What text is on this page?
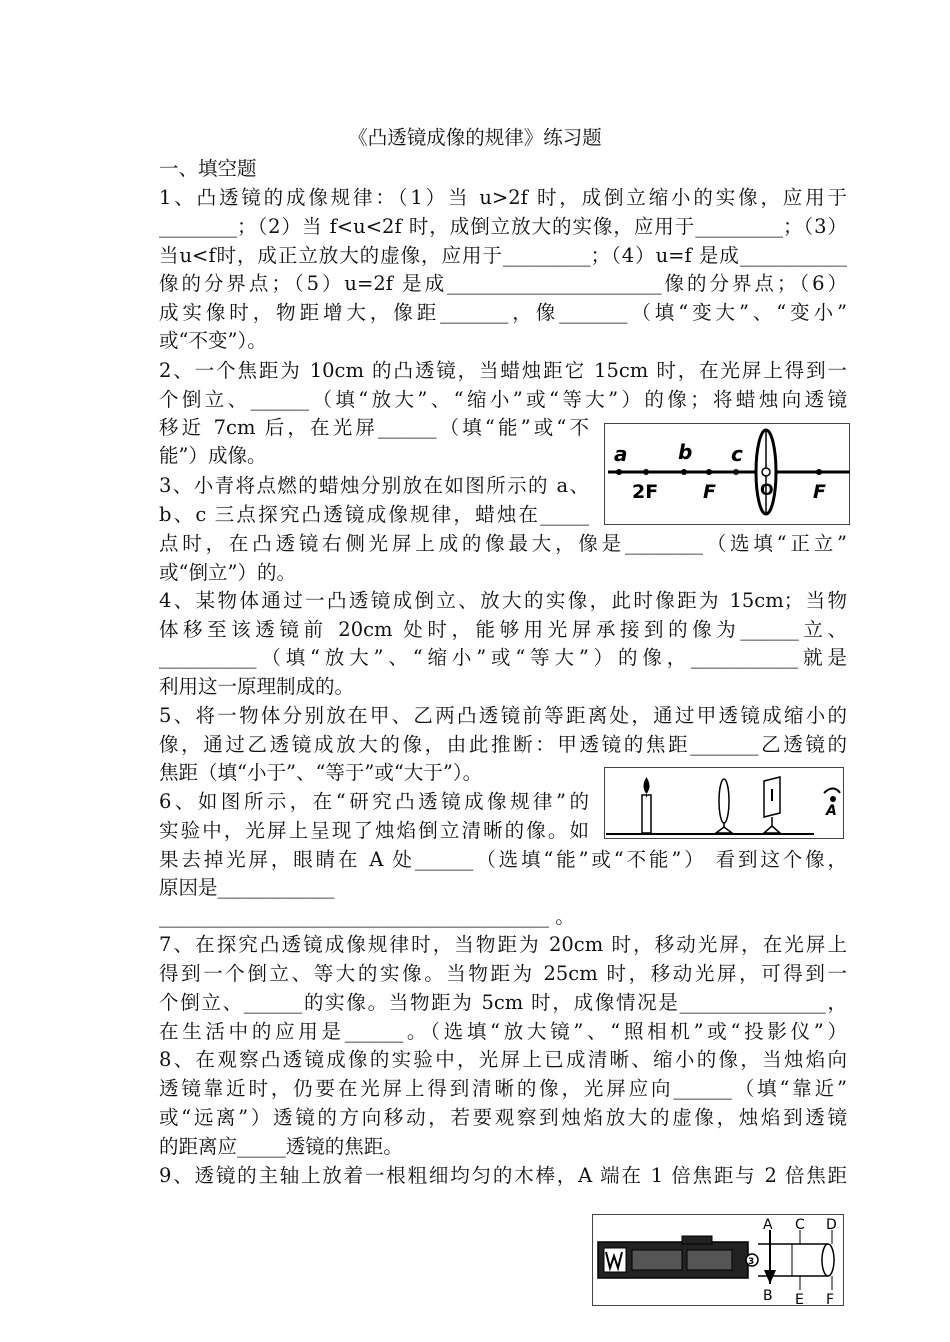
《凸透镜成像的规律》练习题
一、填空题
1、凸透镜的成像规律：（1）当 u>2f 时，成倒立缩小的实像，应用于
________；（2）当 f<u<2f 时，成倒立放大的实像，应用于_________；（3）
当u<f时，成正立放大的虚像，应用于_________；（4）u=f 是成___________
像的分界点；（5）u=2f 是成______________________像的分界点；（6）
成实像时，物距增大，像距_______，像_______（填“变大”、“变小”
或“不变”）。
2、一个焦距为 10cm 的凸透镜，当蜡烛距它 15cm 时，在光屏上得到一
个倒立、______（填“放大”、“缩小”或“等大”）的像；将蜡烛向透镜
移近 7cm 后，在光屏______（填“能”或“不
能”）成像。
3、小青将点燃的蜡烛分别放在如图所示的 a、
b、c 三点探究凸透镜成像规律，蜡烛在_____
点时，在凸透镜右侧光屏上成的像最大，像是________（选填“正立”
或“倒立”）的。
4、某物体通过一凸透镜成倒立、放大的实像，此时像距为 15cm；当物
体移至该透镜前 20cm 处时，能够用光屏承接到的像为______立、
__________（填“放大”、“缩小”或“等大”）的像，___________就是
利用这一原理制成的。
5、将一物体分别放在甲、乙两凸透镜前等距离处，通过甲透镜成缩小的
像，通过乙透镜成放大的像，由此推断：甲透镜的焦距_______乙透镜的
焦距（填“小于”、“等于”或“大于”）。
6、如图所示，在“研究凸透镜成像规律”的
实验中，光屏上呈现了烛焰倒立清晰的像。如
果去掉光屏，眼睛在 A 处______（选填“能”或“不能”） 看到这个像，
原因是____________
________________________________________ 。
7、在探究凸透镜成像规律时，当物距为 20cm 时，移动光屏，在光屏上
得到一个倒立、等大的实像。当物距为 25cm 时，移动光屏，可得到一
个倒立、______的实像。当物距为 5cm 时，成像情况是_______________，
在生活中的应用是______。（选填“放大镜”、“照相机”或“投影仪”）
8、在观察凸透镜成像的实验中，光屏上已成清晰、缩小的像，当烛焰向
透镜靠近时，仍要在光屏上得到清晰的像，光屏应向______（填“靠近”
或“远离”）透镜的方向移动，若要观察到烛焰放大的虚像，烛焰到透镜
的距离应_____透镜的焦距。
9、透镜的主轴上放着一根粗细均匀的木棒，A 端在 1 倍焦距与 2 倍焦距
a	b c
2F F	O F
A
3
A C D
B E F
